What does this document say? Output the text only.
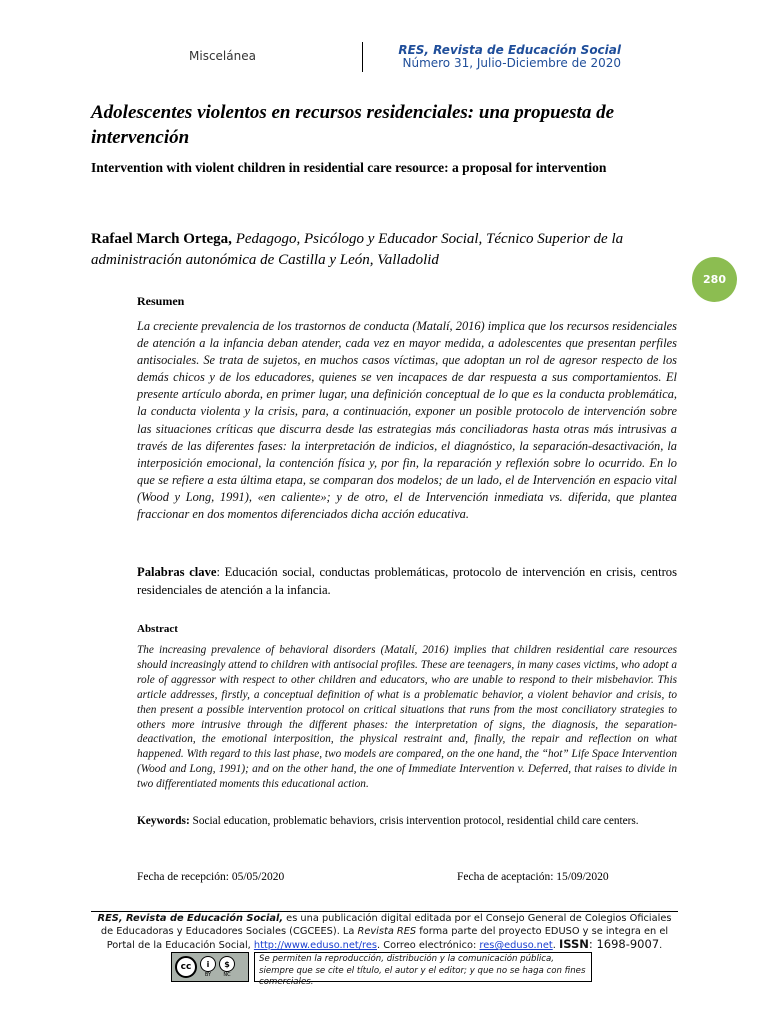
Miscelánea	RES, Revista de Educación Social
Número 31, Julio-Diciembre de 2020
Adolescentes violentos en recursos residenciales: una propuesta de intervención
Intervention with violent children in residential care resource: a proposal for intervention
Rafael March Ortega, Pedagogo, Psicólogo y Educador Social, Técnico Superior de la administración autonómica de Castilla y León, Valladolid
280
Resumen
La creciente prevalencia de los trastornos de conducta (Matalí, 2016) implica que los recursos residenciales de atención a la infancia deban atender, cada vez en mayor medida, a adolescentes que presentan perfiles antisociales. Se trata de sujetos, en muchos casos víctimas, que adoptan un rol de agresor respecto de los demás chicos y de los educadores, quienes se ven incapaces de dar respuesta a sus comportamientos. El presente artículo aborda, en primer lugar, una definición conceptual de lo que es la conducta problemática, la conducta violenta y la crisis, para, a continuación, exponer un posible protocolo de intervención sobre las situaciones críticas que discurra desde las estrategias más conciliadoras hasta otras más intrusivas a través de las diferentes fases: la interpretación de indicios, el diagnóstico, la separación-desactivación, la interposición emocional, la contención física y, por fin, la reparación y reflexión sobre lo ocurrido. En lo que se refiere a esta última etapa, se comparan dos modelos; de un lado, el de Intervención en espacio vital (Wood y Long, 1991), «en caliente»; y de otro, el de Intervención inmediata vs. diferida, que plantea fraccionar en dos momentos diferenciados dicha acción educativa.
Palabras clave: Educación social, conductas problemáticas, protocolo de intervención en crisis, centros residenciales de atención a la infancia.
Abstract
The increasing prevalence of behavioral disorders (Matalí, 2016) implies that children residential care resources should increasingly attend to children with antisocial profiles. These are teenagers, in many cases victims, who adopt a role of aggressor with respect to other children and educators, who are unable to respond to their misbehavior. This article addresses, firstly, a conceptual definition of what is a problematic behavior, a violent behavior and crisis, to then present a possible intervention protocol on critical situations that runs from the most conciliatory strategies to others more intrusive through the different phases: the interpretation of signs, the diagnosis, the separation-deactivation, the emotional interposition, the physical restraint and, finally, the repair and reflection on what happened. With regard to this last phase, two models are compared, on the one hand, the “hot” Life Space Intervention (Wood and Long, 1991); and on the other hand, the one of Immediate Intervention v. Deferred, that raises to divide in two differentiated moments this educational action.
Keywords: Social education, problematic behaviors, crisis intervention protocol, residential child care centers.
Fecha de recepción: 05/05/2020	Fecha de aceptación: 15/09/2020
RES, Revista de Educación Social, es una publicación digital editada por el Consejo General de Colegios Oficiales de Educadoras y Educadores Sociales (CGCEES). La Revista RES forma parte del proyecto EDUSO y se integra en el Portal de la Educación Social, http://www.eduso.net/res. Correo electrónico: res@eduso.net. ISSN: 1698-9007.
cc	i
BY
$
NC
Se permiten la reproducción, distribución y la comunicación pública, siempre que se cite el título, el autor y el editor; y que no se haga con fines comerciales.
